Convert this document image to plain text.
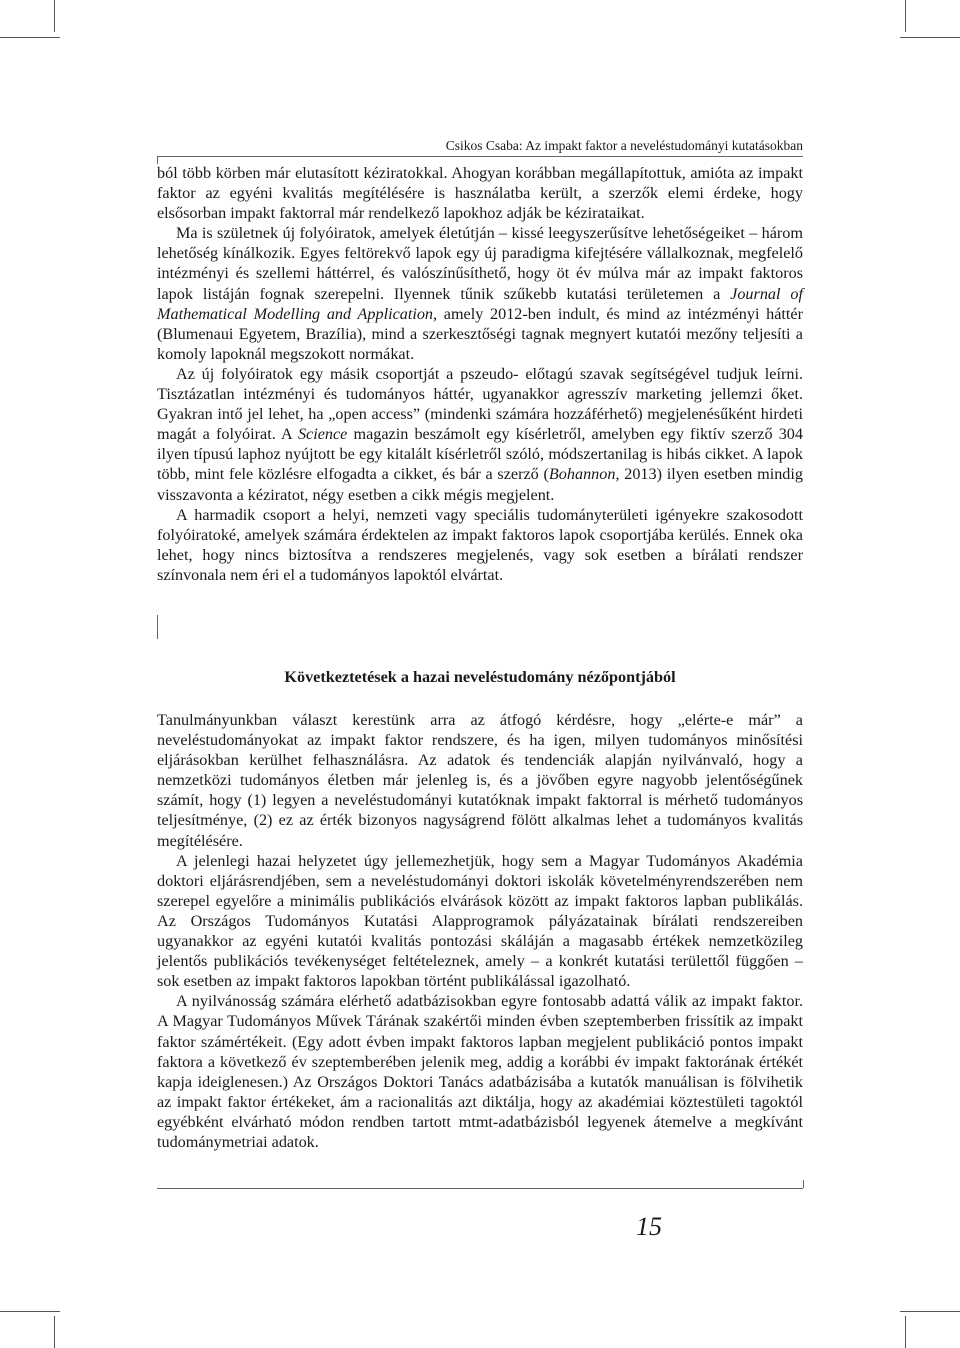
Csikos Csaba: Az impakt faktor a neveléstudományi kutatásokban

ból több körben már elutasított kéziratokkal. Ahogyan korábban megállapítottuk, amióta az impakt faktor az egyéni kvalitás megítélésére is használatba került, a szerzők elemi érdeke, hogy elsősorban impakt faktorral már rendelkező lapokhoz adják be kézirataikat.

Ma is születnek új folyóiratok, amelyek életútján – kissé leegyszerűsítve lehetőségeiket – három lehetőség kínálkozik. Egyes feltörekvő lapok egy új paradigma kifejtésére vállalkoznak, megfelelő intézményi és szellemi háttérrel, és valószínűsíthető, hogy öt év múlva már az impakt faktoros lapok listáján fognak szerepelni. Ilyennek tűnik szűkebb kutatási területemen a Journal of Mathematical Modelling and Application, amely 2012-ben indult, és mind az intézményi háttér (Blumenaui Egyetem, Brazília), mind a szerkesztőségi tagnak megnyert kutatói mezőny teljesíti a komoly lapoknál megszokott normákat.

Az új folyóiratok egy másik csoportját a pszeudo- előtagú szavak segítségével tudjuk leírni. Tisztázatlan intézményi és tudományos háttér, ugyanakkor agresszív marketing jellemzi őket. Gyakran intő jel lehet, ha „open access” (mindenki számára hozzáférhető) megjelenésűként hirdeti magát a folyóirat. A Science magazin beszámolt egy kísérletről, amelyben egy fiktív szerző 304 ilyen típusú laphoz nyújtott be egy kitalált kísérletről szóló, módszertanilag is hibás cikket. A lapok több, mint fele közlésre elfogadta a cikket, és bár a szerző (Bohannon, 2013) ilyen esetben mindig visszavonta a kéziratot, négy esetben a cikk mégis megjelent.

A harmadik csoport a helyi, nemzeti vagy speciális tudományterületi igényekre szakosodott folyóiratoké, amelyek számára érdektelen az impakt faktoros lapok csoportjába kerülés. Ennek oka lehet, hogy nincs biztosítva a rendszeres megjelenés, vagy sok esetben a bírálati rendszer színvonala nem éri el a tudományos lapoktól elvártat.

Következtetések a hazai neveléstudomány nézőpontjából

Tanulmányunkban választ kerestünk arra az átfogó kérdésre, hogy „elérte-e már” a neveléstudományokat az impakt faktor rendszere, és ha igen, milyen tudományos minősítési eljárásokban kerülhet felhasználásra. Az adatok és tendenciák alapján nyilvánvaló, hogy a nemzetközi tudományos életben már jelenleg is, és a jövőben egyre nagyobb jelentőségűnek számít, hogy (1) legyen a neveléstudományi kutatóknak impakt faktorral is mérhető tudományos teljesítménye, (2) ez az érték bizonyos nagyságrend fölött alkalmas lehet a tudományos kvalitás megítélésére.

A jelenlegi hazai helyzetet úgy jellemezhetjük, hogy sem a Magyar Tudományos Akadémia doktori eljárásrendjében, sem a neveléstudományi doktori iskolák követelményrendszerében nem szerepel egyelőre a minimális publikációs elvárások között az impakt faktoros lapban publikálás. Az Országos Tudományos Kutatási Alapprogramok pályázatainak bírálati rendszereiben ugyanakkor az egyéni kutatói kvalitás pontozási skáláján a magasabb értékek nemzetközileg jelentős publikációs tevékenységet feltételeznek, amely – a konkrét kutatási területtől függően – sok esetben az impakt faktoros lapokban történt publikálással igazolható.

A nyilvánosság számára elérhető adatbázisokban egyre fontosabb adattá válik az impakt faktor. A Magyar Tudományos Művek Tárának szakértői minden évben szeptemberben frissítik az impakt faktor számértékeit. (Egy adott évben impakt faktoros lapban megjelent publikáció pontos impakt faktora a következő év szeptemberében jelenik meg, addig a korábbi év impakt faktorának értékét kapja ideiglenesen.) Az Országos Doktori Tanács adatbázisába a kutatók manuálisan is fölvihetik az impakt faktor értékeket, ám a racionalitás azt diktálja, hogy az akadémiai köztestületi tagoktól egyébként elvárható módon rendben tartott mtmt-adatbázisból legyenek átemelve a megkívánt tudománymetriai adatok.

15
